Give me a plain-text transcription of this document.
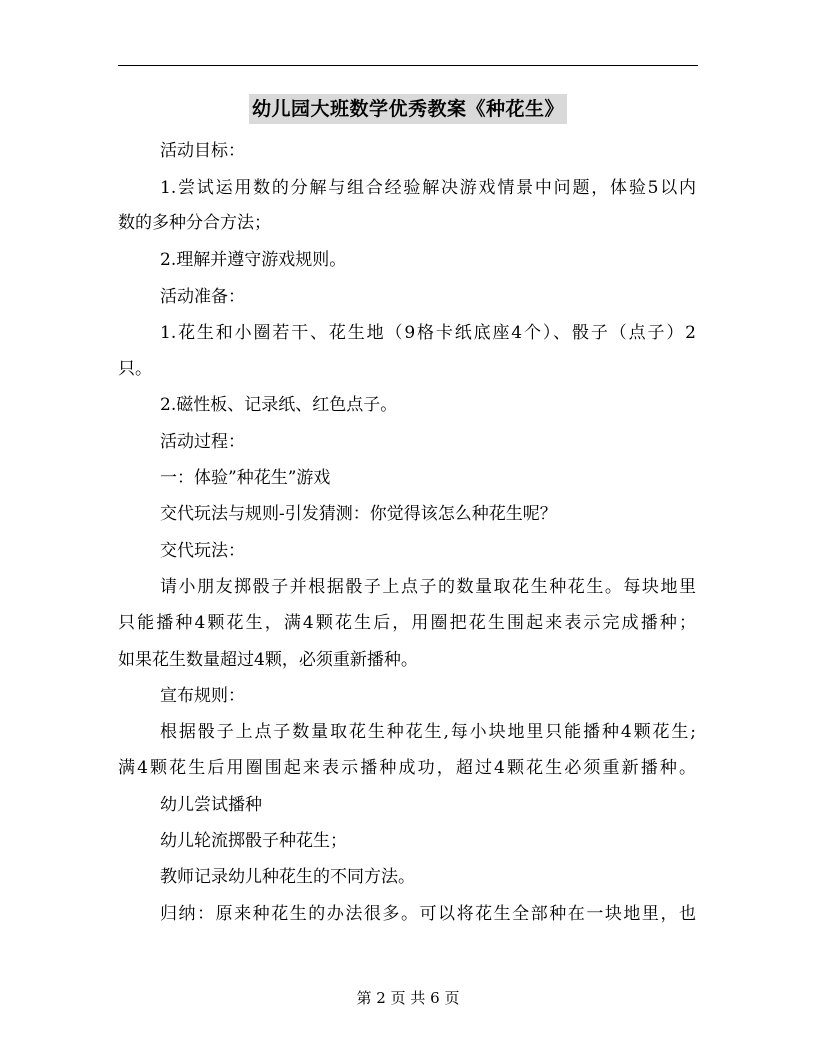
幼儿园大班数学优秀教案《种花生》
活动目标：
1.尝试运用数的分解与组合经验解决游戏情景中问题，体验5以内
数的多种分合方法；
2.理解并遵守游戏规则。
活动准备：
1.花生和小圈若干、花生地（9格卡纸底座4个）、骰子（点子）2
只。
2.磁性板、记录纸、红色点子。
活动过程：
一：体验”种花生”游戏
交代玩法与规则-引发猜测：你觉得该怎么种花生呢？
交代玩法：
请小朋友掷骰子并根据骰子上点子的数量取花生种花生。每块地里
只能播种4颗花生，满4颗花生后，用圈把花生围起来表示完成播种；
如果花生数量超过4颗，必须重新播种。
宣布规则：
根据骰子上点子数量取花生种花生,每小块地里只能播种4颗花生;
满4颗花生后用圈围起来表示播种成功，超过4颗花生必须重新播种。
幼儿尝试播种
幼儿轮流掷骰子种花生；
教师记录幼儿种花生的不同方法。
归纳：原来种花生的办法很多。可以将花生全部种在一块地里，也
第 2 页 共 6 页
